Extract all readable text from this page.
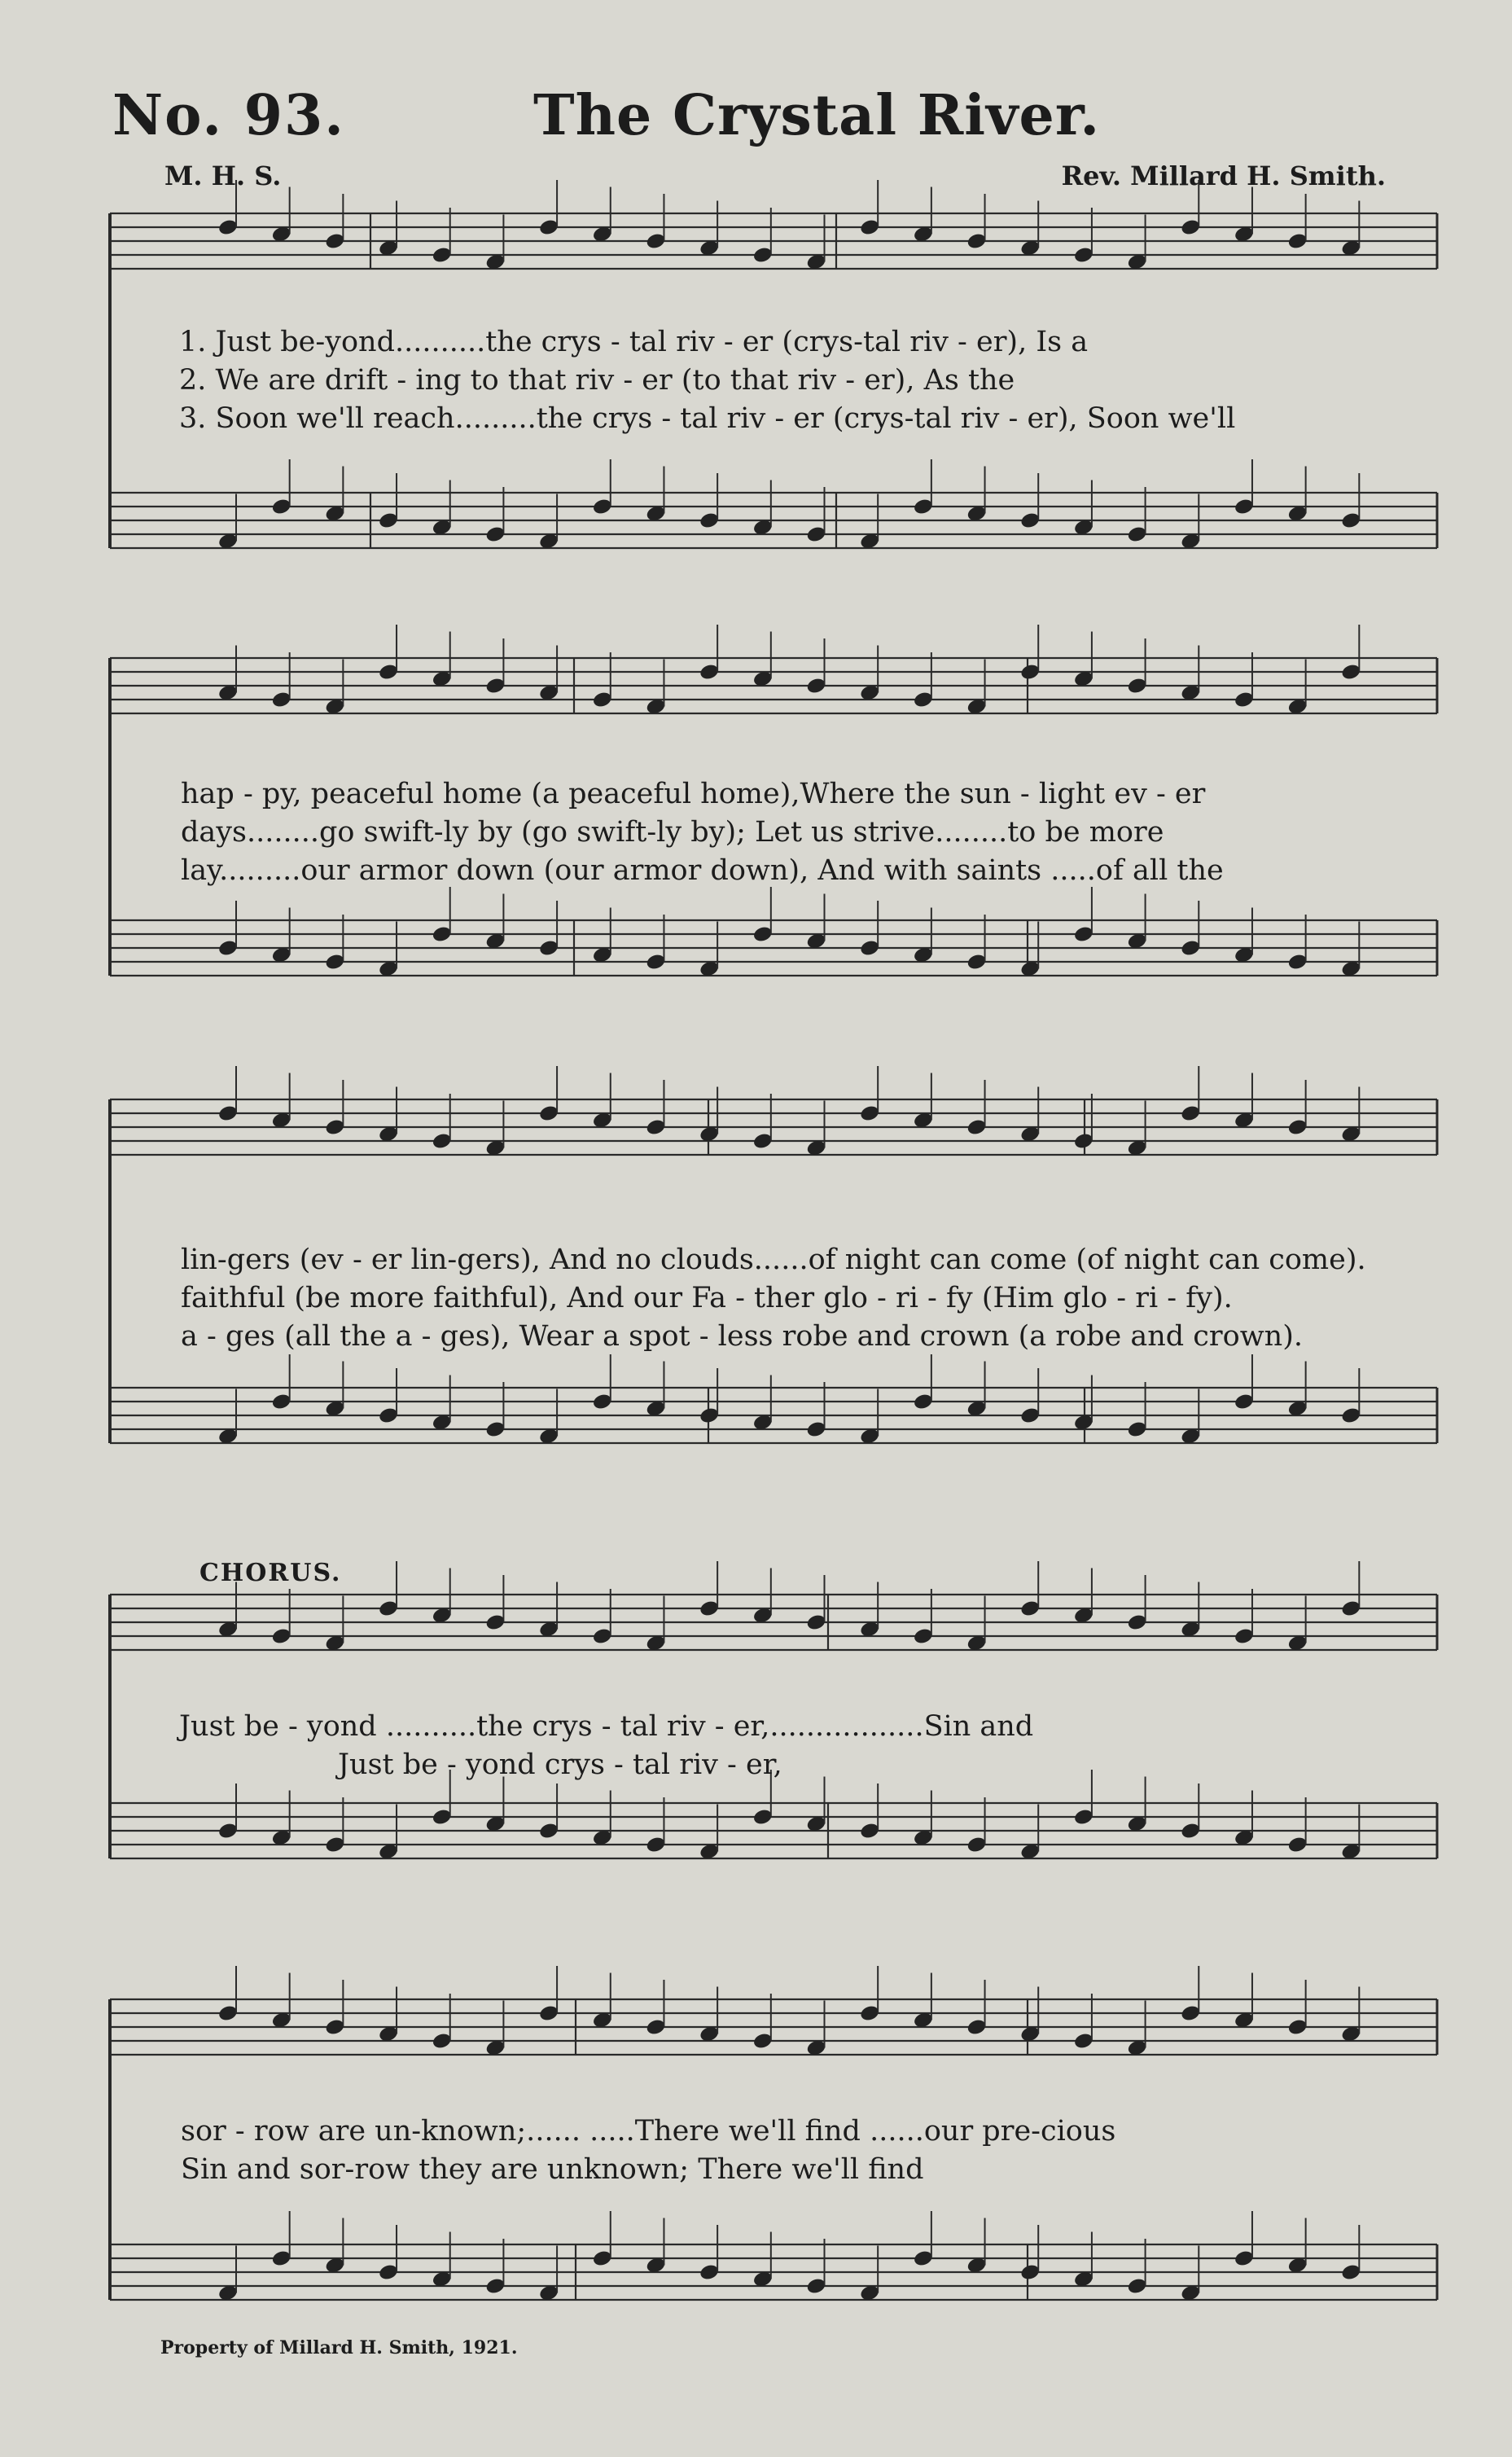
No. 93.	The Crystal River.
M. H. S.	Rev. Millard H. Smith.
1. Just be-yond..........the crys - tal riv - er (crys-tal riv - er), Is a
2. We are drift - ing to that riv - er (to that riv - er), As the
3. Soon we'll reach.........the crys - tal riv - er (crys-tal riv - er), Soon we'll
hap - py, peaceful home (a peaceful home),Where the sun - light ev - er
days........go swift-ly by (go swift-ly by); Let us strive........to be more
lay.........our armor down (our armor down), And with saints .....of all the
lin-gers (ev - er lin-gers), And no clouds......of night can come (of night can come).
faithful (be more faithful), And our Fa - ther glo - ri - fy (Him glo - ri - fy).
a - ges (all the a - ges), Wear a spot - less robe and crown (a robe and crown).
CHORUS.
Just be - yond ..........the crys - tal riv - er,.................Sin and
Just be - yond crys - tal riv - er,
sor - row are un-known;...... .....There we'll find ......our pre-cious
Sin and sor-row they are unknown; There we'll find
Property of Millard H. Smith, 1921.
